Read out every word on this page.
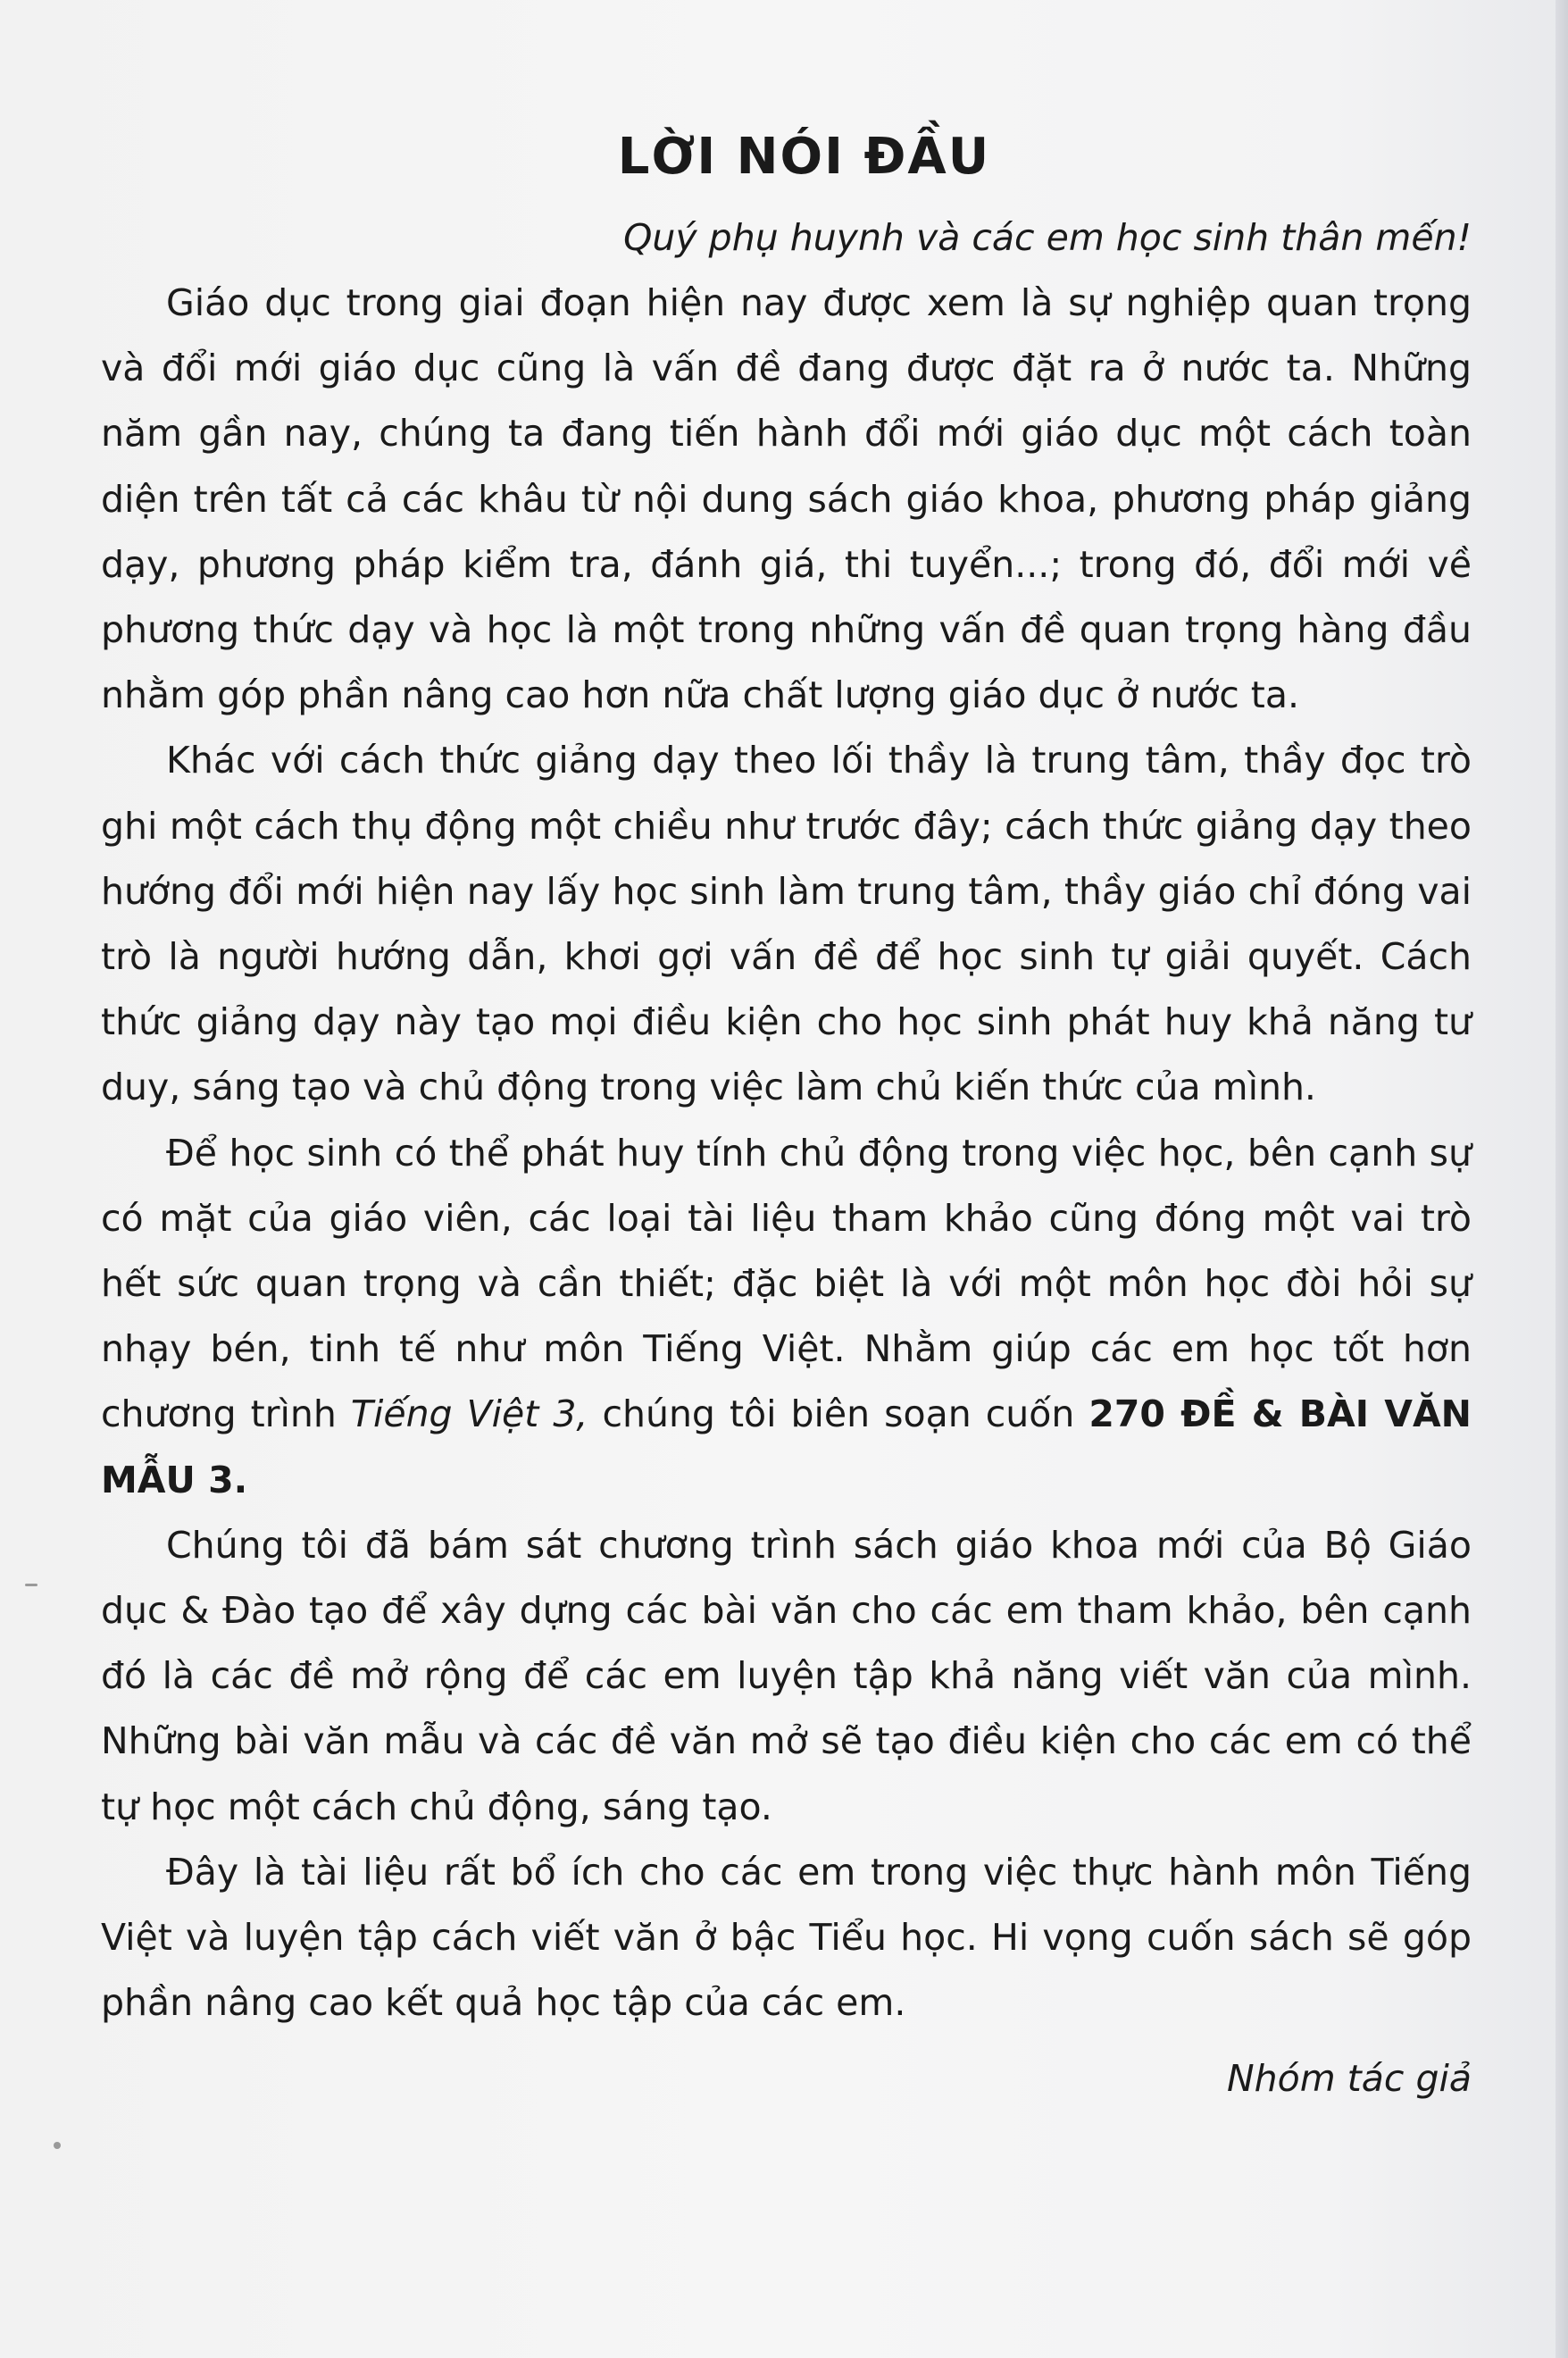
LỜI NÓI ĐẦU

Quý phụ huynh và các em học sinh thân mến!

Giáo dục trong giai đoạn hiện nay được xem là sự nghiệp quan trọng và đổi mới giáo dục cũng là vấn đề đang được đặt ra ở nước ta. Những năm gần nay, chúng ta đang tiến hành đổi mới giáo dục một cách toàn diện trên tất cả các khâu từ nội dung sách giáo khoa, phương pháp giảng dạy, phương pháp kiểm tra, đánh giá, thi tuyển...; trong đó, đổi mới về phương thức dạy và học là một trong những vấn đề quan trọng hàng đầu nhằm góp phần nâng cao hơn nữa chất lượng giáo dục ở nước ta.

Khác với cách thức giảng dạy theo lối thầy là trung tâm, thầy đọc trò ghi một cách thụ động một chiều như trước đây; cách thức giảng dạy theo hướng đổi mới hiện nay lấy học sinh làm trung tâm, thầy giáo chỉ đóng vai trò là người hướng dẫn, khơi gợi vấn đề để học sinh tự giải quyết. Cách thức giảng dạy này tạo mọi điều kiện cho học sinh phát huy khả năng tư duy, sáng tạo và chủ động trong việc làm chủ kiến thức của mình.

Để học sinh có thể phát huy tính chủ động trong việc học, bên cạnh sự có mặt của giáo viên, các loại tài liệu tham khảo cũng đóng một vai trò hết sức quan trọng và cần thiết; đặc biệt là với một môn học đòi hỏi sự nhạy bén, tinh tế như môn Tiếng Việt. Nhằm giúp các em học tốt hơn chương trình Tiếng Việt 3, chúng tôi biên soạn cuốn 270 ĐỀ & BÀI VĂN MẪU 3.

Chúng tôi đã bám sát chương trình sách giáo khoa mới của Bộ Giáo dục & Đào tạo để xây dựng các bài văn cho các em tham khảo, bên cạnh đó là các đề mở rộng để các em luyện tập khả năng viết văn của mình. Những bài văn mẫu và các đề văn mở sẽ tạo điều kiện cho các em có thể tự học một cách chủ động, sáng tạo.

Đây là tài liệu rất bổ ích cho các em trong việc thực hành môn Tiếng Việt và luyện tập cách viết văn ở bậc Tiểu học. Hi vọng cuốn sách sẽ góp phần nâng cao kết quả học tập của các em.

Nhóm tác giả
